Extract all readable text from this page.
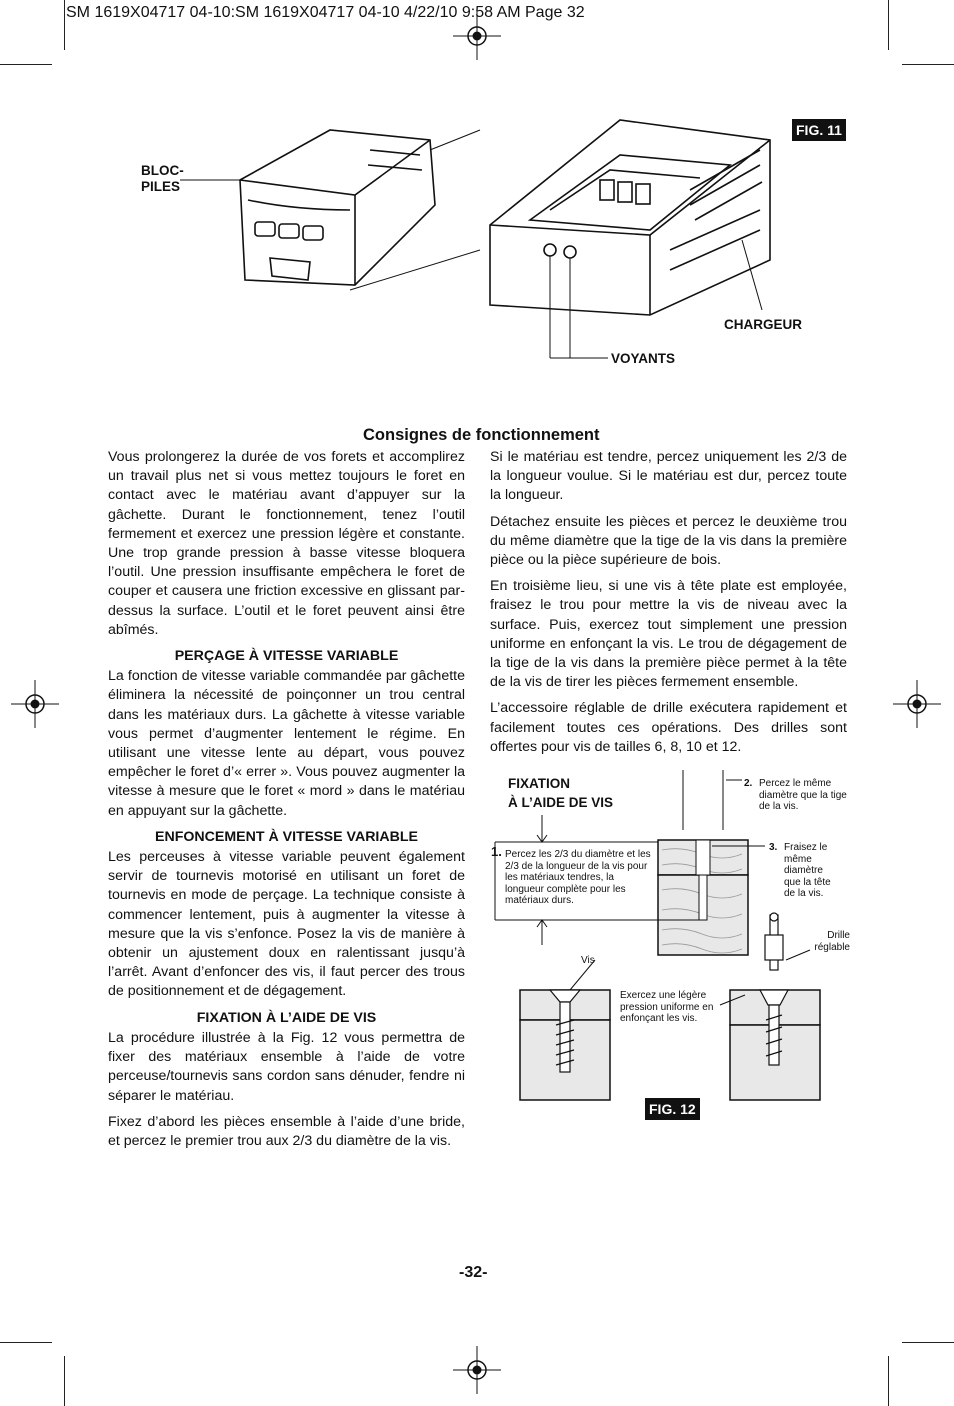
SM 1619X04717 04-10:SM 1619X04717 04-10 4/22/10 9:58 AM Page 32
FIG. 11
BLOC-
PILES
CHARGEUR
VOYANTS
Consignes de fonctionnement

Vous prolongerez la durée de vos forets et accomplirez un travail plus net si vous mettez toujours le foret en contact avec le matériau avant d’appuyer sur la gâchette. Durant le fonctionnement, tenez l’outil fermement et exercez une pression légère et constante. Une trop grande pression à basse vitesse bloquera l’outil. Une pression insuffisante empêchera le foret de couper et causera une friction excessive en glissant par-dessus la surface. L’outil et le foret peuvent ainsi être abîmés.

PERÇAGE À VITESSE VARIABLE

La fonction de vitesse variable commandée par gâchette éliminera la nécessité de poinçonner un trou central dans les matériaux durs. La gâchette à vitesse variable vous permet d’augmenter lentement le régime. En utilisant une vitesse lente au départ, vous pouvez empêcher le foret d’« errer ». Vous pouvez augmenter la vitesse à mesure que le foret « mord » dans le matériau en appuyant sur la gâchette.

ENFONCEMENT À VITESSE VARIABLE

Les perceuses à vitesse variable peuvent également servir de tournevis motorisé en utilisant un foret de tournevis en mode de perçage. La technique consiste à commencer lentement, puis à augmenter la vitesse à mesure que la vis s’enfonce. Posez la vis de manière à obtenir un ajustement doux en ralentissant jusqu’à l’arrêt. Avant d’enfoncer des vis, il faut percer des trous de positionnement et de dégagement.

FIXATION À L’AIDE DE VIS

La procédure illustrée à la Fig. 12 vous permettra de fixer des matériaux ensemble à l’aide de votre perceuse/tournevis sans cordon sans dénuder, fendre ni séparer le matériau.

Fixez d’abord les pièces ensemble à l’aide d’une bride, et percez le premier trou aux 2/3 du diamètre de la vis.

Si le matériau est tendre, percez uniquement les 2/3 de la longueur voulue. Si le matériau est dur, percez toute la longueur.

Détachez ensuite les pièces et percez le deuxième trou du même diamètre que la tige de la vis dans la première pièce ou la pièce supérieure de bois.

En troisième lieu, si une vis à tête plate est employée, fraisez le trou pour mettre la vis de niveau avec la surface. Puis, exercez tout simplement une pression uniforme en enfonçant la vis. Le trou de dégagement de la tige de la vis dans la première pièce permet à la tête de la vis de tirer les pièces fermement ensemble.

L’accessoire réglable de drille exécutera rapidement et facilement toutes ces opérations. Des drilles sont offertes pour vis de tailles 6, 8, 10 et 12.

FIXATION
À L’AIDE DE VIS
2. Percez le même diamètre que la tige de la vis.
3. Fraisez le même diamètre que la tête de la vis.
1. Percez les 2/3 du diamètre et les 2/3 de la longueur de la vis pour les matériaux tendres, la longueur complète pour les matériaux durs.
Drille réglable
Vis
Exercez une légère pression uniforme en enfonçant les vis.
FIG. 12
-32-
